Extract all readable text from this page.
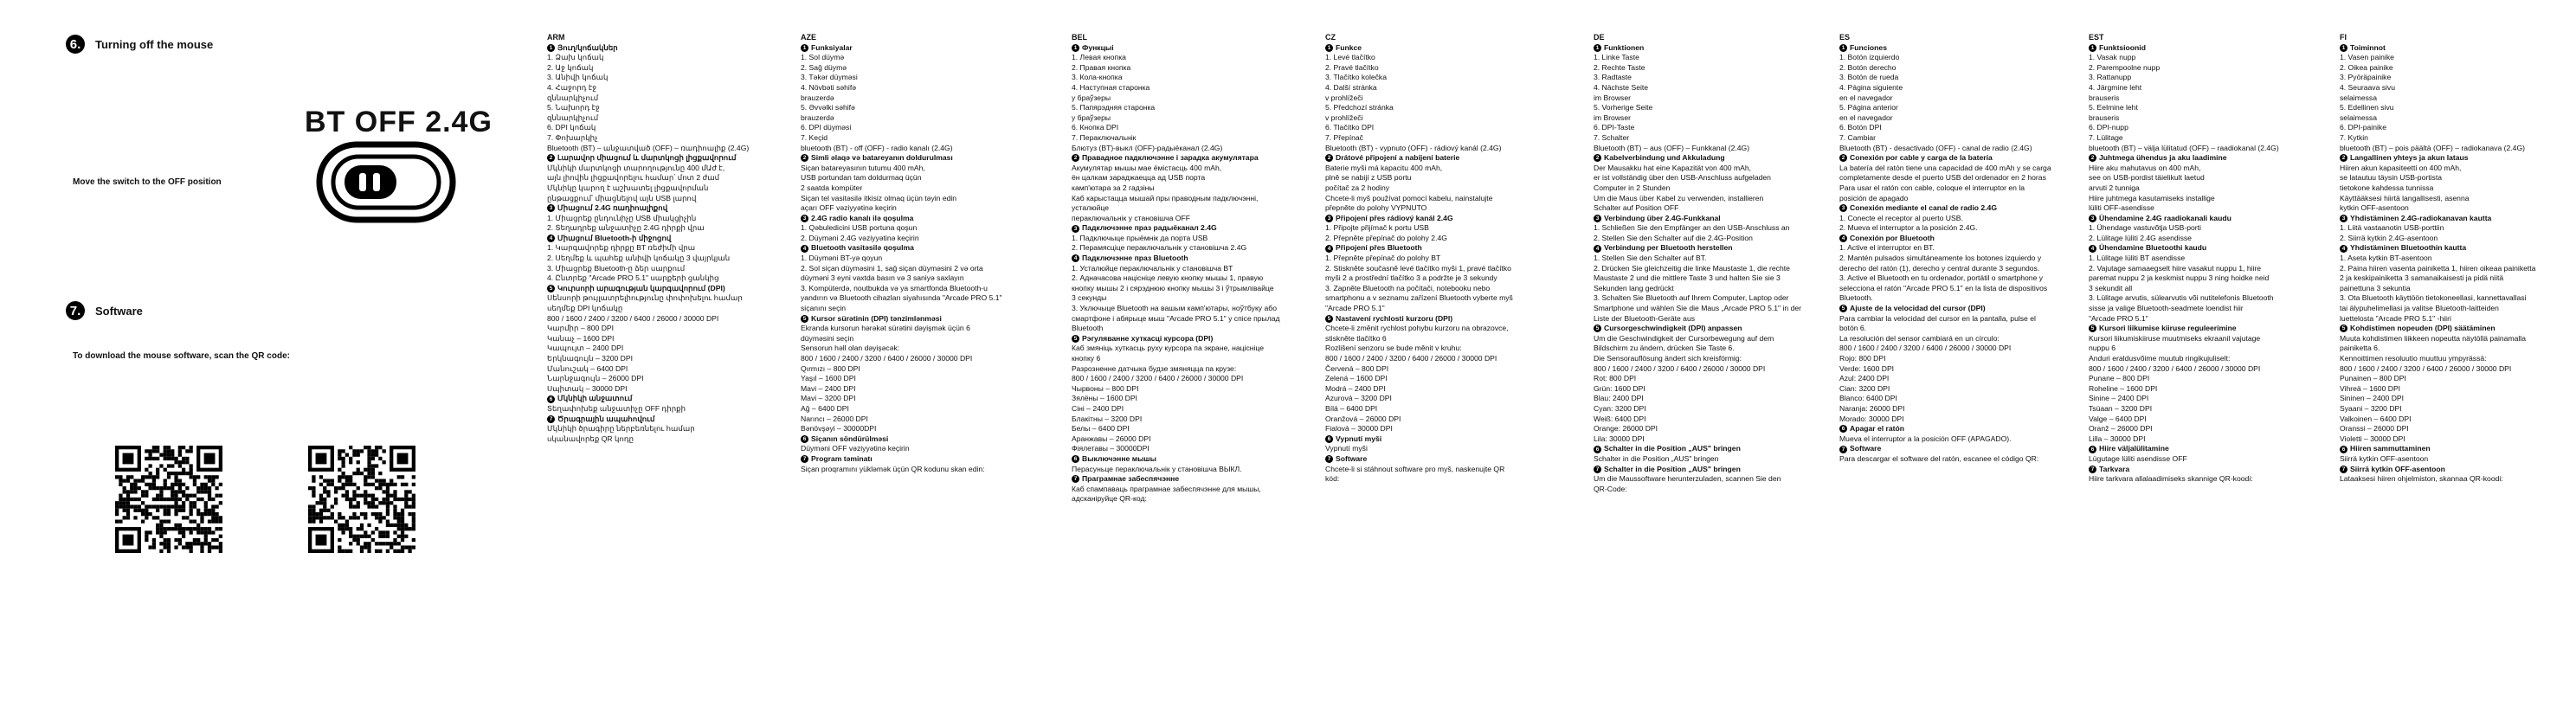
6.	Turning off the mouse
BT OFF 2.4G
Move the switch to the OFF position
7.	Software
To download the mouse software, scan the QR code:
ARM
1 Յուղ/կոճակներ
1. Ձախ կոճակ
2. Աջ կոճակ
3. Անիվի կոճակ
4. Հաջորդ էջ
զննարկիչում
5. Նախորդ էջ
զննարկիչում
6. DPI կոճակ
7. Փոխարկիչ
Bluetooth (BT) – անջատված (OFF) – ռադիոալիք (2.4G)
2 Լարավոր միացում և մարտկոցի լիցքավորում
Մկնիկի մարտկոցի տարողությունը 400 մԱժ է,
այն լիովին լիցքավորելու համար՝ մոտ 2 ժամ
Մկնիկը կարող է աշխատել լիցքավորման
ընթացքում՝ միացնելով այն USB լարով
3 Միացում 2.4G ռադիոալիքով
1. Միացրեք ընդունիչը USB միակցիչին
2. Տեղադրեք անջատիչը 2.4G դիրքի վրա
4 Միացում Bluetooth-ի միջոցով
1. Կարգավորեք դիրքը BT ռեժիմի վրա
2. Սեղմեք և պահեք անիվի կոճակը 3 վայրկյան
3. Միացրեք Bluetooth-ը ձեր սարքում
4. Ընտրեք "Arcade PRO 5.1" սարքերի ցանկից
5 Կուրսորի արագության կարգավորում (DPI)
Սենսորի թույլատրելիությունը փոփոխելու համար
սեղմեք DPI կոճակը
800 / 1600 / 2400 / 3200 / 6400 / 26000 / 30000 DPI
Կարմիր – 800 DPI
Կանաչ – 1600 DPI
Կապույտ – 2400 DPI
Երկնագույն – 3200 DPI
Մանուշակ – 6400 DPI
Նարնջագույն – 26000 DPI
Սպիտակ – 30000 DPI
6 Մկնիկի անջատում
Տեղափոխեք անջատիչը OFF դիրքի
7 Ծրագրային ապահովում
Մկնիկի ծրագիրը ներբեռնելու համար
սկանավորեք QR կոդը
AZE
1 Funksiyalar
1. Sol düymə
2. Sağ düymə
3. Təkər düyməsi
4. Növbəti səhifə
brauzerdə
5. Əvvəlki səhifə
brauzerdə
6. DPI düyməsi
7. Keçid
bluetooth (BT) - off (OFF) - radio kanalı (2.4G)
2 Simli əlaqə və batareyanın doldurulması
Siçan batareyasının tutumu 400 mAh,
USB portundan tam doldurmaq üçün
2 saatda kompüter
Siçan tel vasitəsilə itkisiz olmaq üçün təyin edin
açarı OFF vəziyyətinə keçirin
3 2.4G radio kanalı ilə qoşulma
1. Qəbuledicini USB portuna qoşun
2. Düyməni 2.4G vəziyyətinə keçirin
4 Bluetooth vasitəsilə qoşulma
1. Düyməni BT-yə qoyun
2. Sol siçan düyməsini 1, sağ siçan düyməsini 2 və orta
düyməni 3 eyni vaxtda basın və 3 saniyə saxlayın
3. Kompüterdə, noutbukda və ya smartfonda Bluetooth-u
yandırın və Bluetooth cihazları siyahısında "Arcade PRO 5.1"
siçanını seçin
5 Kursor sürətinin (DPI) tənzimlənməsi
Ekranda kursorun hərəkət sürətini dəyişmək üçün 6
düyməsini seçin
Sensorun həll olan dəyişəcək:
800 / 1600 / 2400 / 3200 / 6400 / 26000 / 30000 DPI
Qırmızı – 800 DPI
Yaşıl – 1600 DPI
Mavi – 2400 DPI
Mavi – 3200 DPI
Ağ – 6400 DPI
Narıncı – 26000 DPI
Bənövşəyi – 30000DPI
6 Siçanın söndürülməsi
Düyməni OFF vəziyyətinə keçirin
7 Program təminatı
Siçan proqramını yükləmək üçün QR kodunu skan edin:
BEL
1 Функцыі
1. Левая кнопка
2. Правая кнопка
3. Кола-кнопка
4. Наступная старонка
у браўзеры
5. Папярэдняя старонка
у браўзеры
6. Кнопка DPI
7. Пераключальнік
Блютуз (BT)-выкл (OFF)-радыёканал (2.4G)
2 Правадное падключэнне і зарадка акумулятара
Акумулятар мышы мае ёмістасць 400 mAh,
ён цалкам зараджаецца ад USB порта
камп'ютара за 2 гадзіны
Каб карыстацца мышай пры праводным падключэнні,
усталюйце
пераключальнік у становішча OFF
3 Падключэнне праз радыёканал 2.4G
1. Падключыце прыёмнік да порта USB
2. Перамясціце пераключальнік у становішча 2.4G
4 Падключэнне праз Bluetooth
1. Усталюйце пераключальнік у становішча BT
2. Адначасова націсніце левую кнопку мышы 1, правую
кнопку мышы 2 і сярэднюю кнопку мышы 3 і ўтрымлівайце
3 секунды
3. Уключыце Bluetooth на вашым камп'ютары, ноўтбуку або
смартфоне і абярыце мыш "Arcade PRO 5.1" у спісе прылад
Bluetooth
5 Рэгуляванне хуткасці курсора (DPI)
Каб змяніць хуткасць руху курсора па экране, націсніце
кнопку 6
Разрозненне датчыка будзе змяняцца па крузе:
800 / 1600 / 2400 / 3200 / 6400 / 26000 / 30000 DPI
Чырвоны – 800 DPI
Зялёны – 1600 DPI
Сіні – 2400 DPI
Блакітны – 3200 DPI
Белы – 6400 DPI
Аранжавы – 26000 DPI
Фіялетавы – 30000DPI
6 Выключэнне мышы
Перасуньце пераключальнік у становішча ВЫКЛ.
7 Праграмнае забеспячэнне
Каб спампаваць праграмнае забеспячэнне для мышы,
адсканіруйце QR-код:
CZ
1 Funkce
1. Levé tlačítko
2. Pravé tlačítko
3. Tlačítko kolečka
4. Další stránka
v prohlížeči
5. Předchozí stránka
v prohlížeči
6. Tlačítko DPI
7. Přepínač
Bluetooth (BT) - vypnuto (OFF) - rádiový kanál (2.4G)
2 Drátové připojení a nabíjení baterie
Baterie myši má kapacitu 400 mAh,
plně se nabijí z USB portu
počítač za 2 hodiny
Chcete-li myš používat pomocí kabelu, nainstalujte
přepněte do polohy VYPNUTO
3 Připojení přes rádiový kanál 2.4G
1. Připojte přijímač k portu USB
2. Přepněte přepínač do polohy 2.4G
4 Připojení přes Bluetooth
1. Přepněte přepínač do polohy BT
2. Stiskněte současně levé tlačítko myši 1, pravé tlačítko
myši 2 a prostřední tlačítko 3 a podržte je 3 sekundy
3. Zapněte Bluetooth na počítači, notebooku nebo
smartphonu a v seznamu zařízení Bluetooth vyberte myš
"Arcade PRO 5.1"
5 Nastavení rychlosti kurzoru (DPI)
Chcete-li změnit rychlost pohybu kurzoru na obrazovce,
stiskněte tlačítko 6
Rozlišení senzoru se bude měnit v kruhu:
800 / 1600 / 2400 / 3200 / 6400 / 26000 / 30000 DPI
Červená – 800 DPI
Zelená – 1600 DPI
Modrá – 2400 DPI
Azurová – 3200 DPI
Bílá – 6400 DPI
Oranžová – 26000 DPI
Fialová – 30000 DPI
6 Vypnutí myši
Vypnutí myši
7 Software
Chcete-li si stáhnout software pro myš, naskenujte QR
kód:
DE
1 Funktionen
1. Linke Taste
2. Rechte Taste
3. Radtaste
4. Nächste Seite
im Browser
5. Vorherige Seite
im Browser
6. DPI-Taste
7. Schalter
Bluetooth (BT) – aus (OFF) – Funkkanal (2.4G)
2 Kabelverbindung und Akkuladung
Der Mausakku hat eine Kapazität von 400 mAh,
er ist vollständig über den USB-Anschluss aufgeladen
Computer in 2 Stunden
Um die Maus über Kabel zu verwenden, installieren
Schalter auf Position OFF
3 Verbindung über 2.4G-Funkkanal
1. Schließen Sie den Empfänger an den USB-Anschluss an
2. Stellen Sie den Schalter auf die 2.4G-Position
4 Verbindung per Bluetooth herstellen
1. Stellen Sie den Schalter auf BT.
2. Drücken Sie gleichzeitig die linke Maustaste 1, die rechte
Maustaste 2 und die mittlere Taste 3 und halten Sie sie 3
Sekunden lang gedrückt
3. Schalten Sie Bluetooth auf Ihrem Computer, Laptop oder
Smartphone und wählen Sie die Maus „Arcade PRO 5.1" in der
Liste der Bluetooth-Geräte aus
5 Cursorgeschwindigkeit (DPI) anpassen
Um die Geschwindigkeit der Cursorbewegung auf dem
Bildschirm zu ändern, drücken Sie Taste 6.
Die Sensorauflösung ändert sich kreisförmig:
800 / 1600 / 2400 / 3200 / 6400 / 26000 / 30000 DPI
Rot: 800 DPI
Grün: 1600 DPI
Blau: 2400 DPI
Cyan: 3200 DPI
Weiß: 6400 DPI
Orange: 26000 DPI
Lila: 30000 DPI
6 Schalter in die Position „AUS" bringen
Schalter in die Position „AUS" bringen
7 Schalter in die Position „AUS" bringen
Um die Maussoftware herunterzuladen, scannen Sie den
QR-Code:
ES
1 Funciones
1. Botón izquierdo
2. Botón derecho
3. Botón de rueda
4. Página siguiente
en el navegador
5. Página anterior
en el navegador
6. Botón DPI
7. Cambiar
Bluetooth (BT) - desactivado (OFF) - canal de radio (2.4G)
2 Conexión por cable y carga de la batería
La batería del ratón tiene una capacidad de 400 mAh y se carga
completamente desde el puerto USB del ordenador en 2 horas
Para usar el ratón con cable, coloque el interruptor en la
posición de apagado
3 Conexión mediante el canal de radio 2.4G
1. Conecte el receptor al puerto USB.
2. Mueva el interruptor a la posición 2.4G.
4 Conexión por Bluetooth
1. Active el interruptor en BT.
2. Mantén pulsados simultáneamente los botones izquierdo y
derecho del ratón (1), derecho y central durante 3 segundos.
3. Active el Bluetooth en tu ordenador, portátil o smartphone y
selecciona el ratón "Arcade PRO 5.1" en la lista de dispositivos
Bluetooth.
5 Ajuste de la velocidad del cursor (DPI)
Para cambiar la velocidad del cursor en la pantalla, pulse el
botón 6.
La resolución del sensor cambiará en un círculo:
800 / 1600 / 2400 / 3200 / 6400 / 26000 / 30000 DPI
Rojo: 800 DPI
Verde: 1600 DPI
Azul: 2400 DPI
Cian: 3200 DPI
Blanco: 6400 DPI
Naranja: 26000 DPI
Morado: 30000 DPI
6 Apagar el ratón
Mueva el interruptor a la posición OFF (APAGADO).
7 Software
Para descargar el software del ratón, escanee el código QR:
EST
1 Funktsioonid
1. Vasak nupp
2. Parempoolne nupp
3. Rattanupp
4. Järgmine leht
brauseris
5. Eelmine leht
brauseris
6. DPI-nupp
7. Lülitage
bluetooth (BT) – välja lülitatud (OFF) – raadiokanal (2.4G)
2 Juhtmega ühendus ja aku laadimine
Hiire aku mahutavus on 400 mAh,
see on USB-pordist täielikult laetud
arvuti 2 tunniga
Hiire juhtmega kasutamiseks installige
lüliti OFF-asendisse
3 Ühendamine 2.4G raadiokanali kaudu
1. Ühendage vastuvõtja USB-porti
2. Lülitage lüliti 2.4G asendisse
4 Ühendamine Bluetoothi kaudu
1. Lülitage lüliti BT asendisse
2. Vajutage samaaegselt hiire vasakut nuppu 1, hiire
paremat nuppu 2 ja keskmist nuppu 3 ning hoidke neid
3 sekundit all
3. Lülitage arvutis, sülearvutis või nutitelefonis Bluetooth
sisse ja valige Bluetooth-seadmete loendist hiir
"Arcade PRO 5.1"
5 Kursori liikumise kiiruse reguleerimine
Kursori liikumiskiiruse muutmiseks ekraanil vajutage
nuppu 6
Anduri eraldusvõime muutub ringikujuliselt:
800 / 1600 / 2400 / 3200 / 6400 / 26000 / 30000 DPI
Punane – 800 DPI
Roheline – 1600 DPI
Sinine – 2400 DPI
Tsüaan – 3200 DPI
Valge – 6400 DPI
Oranž – 26000 DPI
Lilla – 30000 DPI
6 Hiire väljalülitamine
Lügutage lüliti asendisse OFF
7 Tarkvara
Hiire tarkvara allalaadimiseks skannige QR-koodi:
FI
1 Toiminnot
1. Vasen painike
2. Oikea painike
3. Pyöräpainike
4. Seuraava sivu
selaimessa
5. Edellinen sivu
selaimessa
6. DPI-painike
7. Kytkin
bluetooth (BT) – pois päältä (OFF) – radiokanava (2.4G)
2 Langallinen yhteys ja akun lataus
Hiiren akun kapasiteetti on 400 mAh,
se latautuu täysin USB-portista
tietokone kahdessa tunnissa
Käyttääksesi hiirtä langallisesti, asenna
kytkin OFF-asentoon
3 Yhdistäminen 2.4G-radiokanavan kautta
1. Liitä vastaanotin USB-porttiin
2. Siirrä kytkin 2.4G-asentoon
4 Yhdistäminen Bluetoothin kautta
1. Aseta kytkin BT-asentoon
2. Paina hiiren vasenta painiketta 1, hiiren oikeaa painiketta
2 ja keskipainiketta 3 samanaikaisesti ja pidä niitä
painettuna 3 sekuntia
3. Ota Bluetooth käyttöön tietokoneellasi, kannettavallasi
tai älypuhelimellasi ja valitse Bluetooth-laitteiden
luettelosta "Arcade PRO 5.1" -hiiri
5 Kohdistimen nopeuden (DPI) säätäminen
Muuta kohdistimen liikkeen nopeutta näytöllä painamalla
painiketta 6.
Kennoittimen resoluutio muuttuu ympyrässä:
800 / 1600 / 2400 / 3200 / 6400 / 26000 / 30000 DPI
Punainen – 800 DPI
Vihreä – 1600 DPI
Sininen – 2400 DPI
Syaani – 3200 DPI
Valkoinen – 6400 DPI
Oranssi – 26000 DPI
Violetti – 30000 DPI
6 Hiiren sammuttaminen
Siirrä kytkin OFF-asentoon
7 Siirrä kytkin OFF-asentoon
Lataaksesi hiiren ohjelmiston, skannaa QR-koodi:
